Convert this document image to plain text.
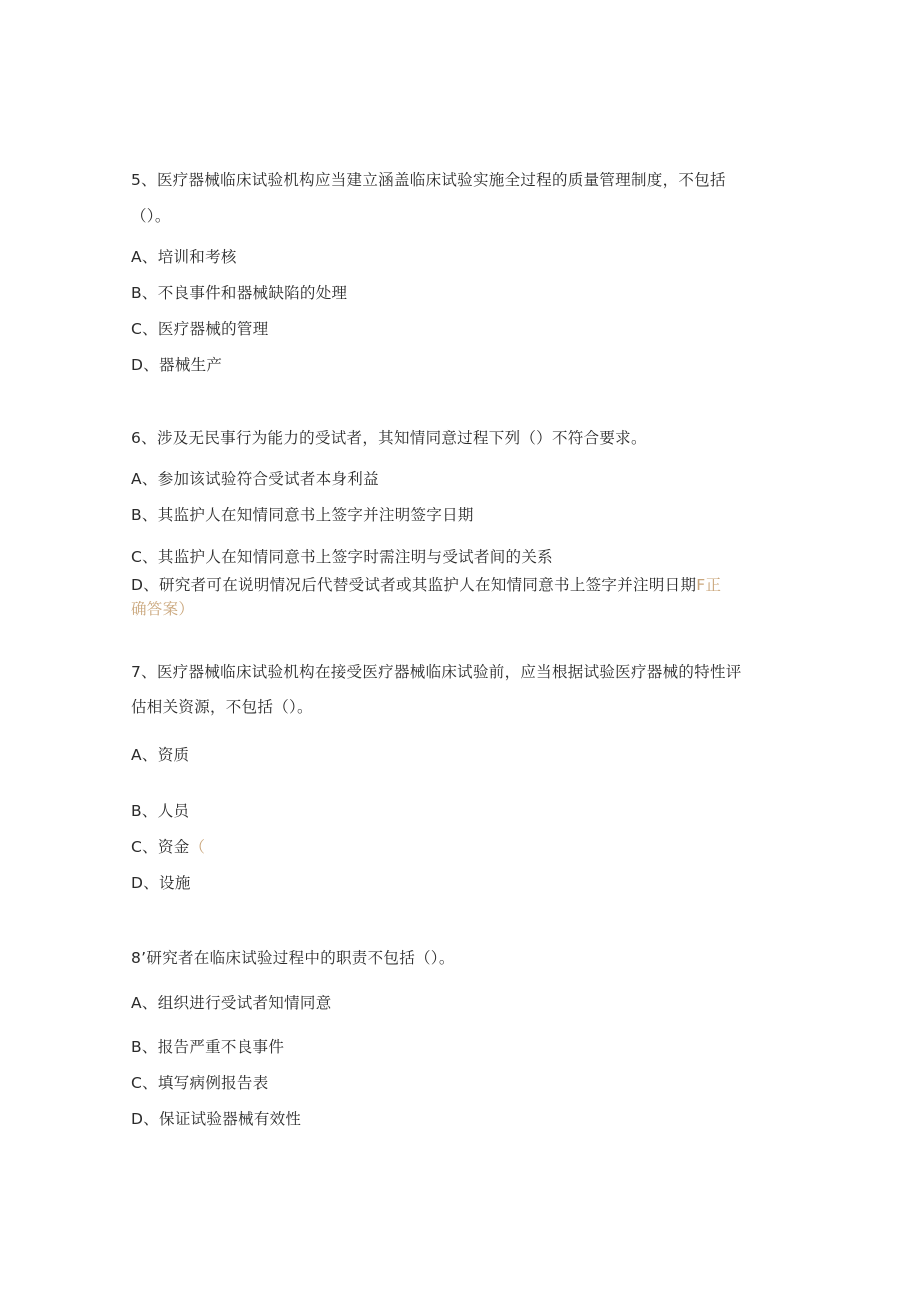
5、医疗器械临床试验机构应当建立涵盖临床试验实施全过程的质量管理制度，不包括
（）。
A、培训和考核
B、不良事件和器械缺陷的处理
C、医疗器械的管理
D、器械生产
6、涉及无民事行为能力的受试者，其知情同意过程下列（）不符合要求。
A、参加该试验符合受试者本身利益
B、其监护人在知情同意书上签字并注明签字日期
C、其监护人在知情同意书上签字时需注明与受试者间的关系
D、研究者可在说明情况后代替受试者或其监护人在知情同意书上签字并注明日期F正
确答案）
7、医疗器械临床试验机构在接受医疗器械临床试验前，应当根据试验医疗器械的特性评
估相关资源，不包括（）。
A、资质
B、人员
C、资金（
D、设施
8’研究者在临床试验过程中的职责不包括（）。
A、组织进行受试者知情同意
B、报告严重不良事件
C、填写病例报告表
D、保证试验器械有效性
